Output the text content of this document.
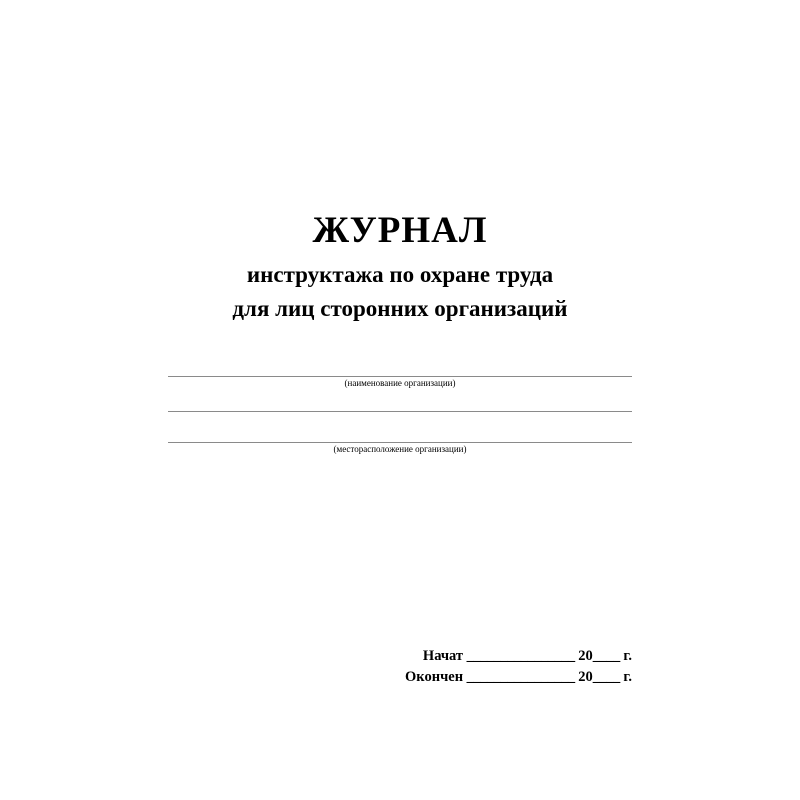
ЖУРНАЛ
инструктажа по охране труда
для лиц сторонних организаций
(наименование организации)
(месторасположение организации)
Начат ________________ 20____ г.
Окончен ________________ 20____ г.
